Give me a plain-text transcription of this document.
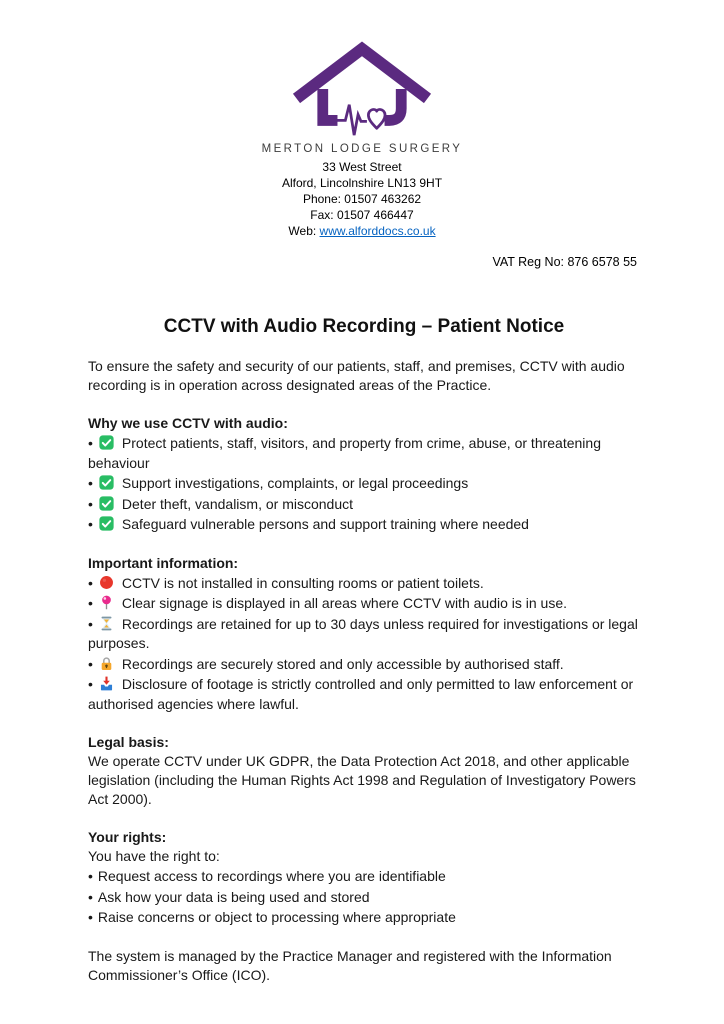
MERTON LODGE SURGERY
33 West Street
Alford, Lincolnshire LN13 9HT
Phone: 01507 463262
Fax: 01507 466447
Web: www.alforddocs.co.uk
VAT Reg No: 876 6578 55
CCTV with Audio Recording – Patient Notice

To ensure the safety and security of our patients, staff, and premises, CCTV with audio recording is in operation across designated areas of the Practice.

Why we use CCTV with audio:

• Protect patients, staff, visitors, and property from crime, abuse, or threatening behaviour

• Support investigations, complaints, or legal proceedings

• Deter theft, vandalism, or misconduct

• Safeguard vulnerable persons and support training where needed

Important information:

• CCTV is not installed in consulting rooms or patient toilets.

• Clear signage is displayed in all areas where CCTV with audio is in use.

• Recordings are retained for up to 30 days unless required for investigations or legal purposes.

• Recordings are securely stored and only accessible by authorised staff.

• Disclosure of footage is strictly controlled and only permitted to law enforcement or authorised agencies where lawful.

Legal basis:

We operate CCTV under UK GDPR, the Data Protection Act 2018, and other applicable legislation (including the Human Rights Act 1998 and Regulation of Investigatory Powers Act 2000).

Your rights:

You have the right to:

• Request access to recordings where you are identifiable

• Ask how your data is being used and stored

• Raise concerns or object to processing where appropriate

The system is managed by the Practice Manager and registered with the Information Commissioner’s Office (ICO).
